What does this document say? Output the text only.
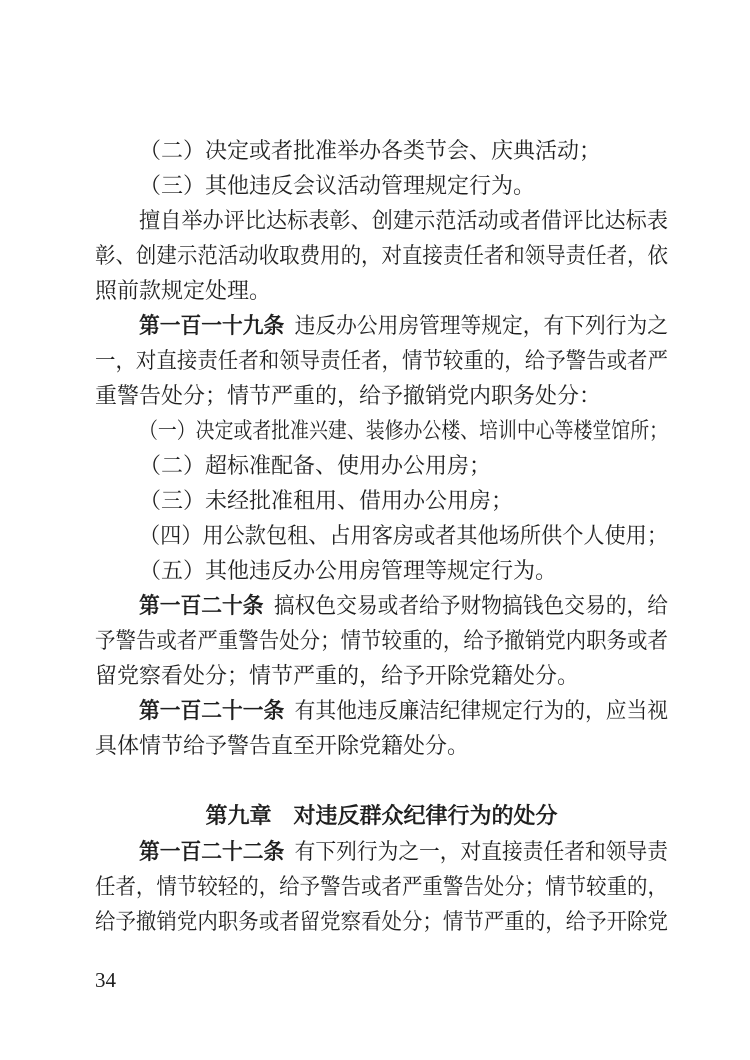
（二）决定或者批准举办各类节会、庆典活动；
（三）其他违反会议活动管理规定行为。
擅自举办评比达标表彰、创建示范活动或者借评比达标表
彰、创建示范活动收取费用的，对直接责任者和领导责任者，依
照前款规定处理。
第一百一十九条 违反办公用房管理等规定，有下列行为之
一，对直接责任者和领导责任者，情节较重的，给予警告或者严
重警告处分；情节严重的，给予撤销党内职务处分：
（一）决定或者批准兴建、装修办公楼、培训中心等楼堂馆所；
（二）超标准配备、使用办公用房；
（三）未经批准租用、借用办公用房；
（四）用公款包租、占用客房或者其他场所供个人使用；
（五）其他违反办公用房管理等规定行为。
第一百二十条 搞权色交易或者给予财物搞钱色交易的，给
予警告或者严重警告处分；情节较重的，给予撤销党内职务或者
留党察看处分；情节严重的，给予开除党籍处分。
第一百二十一条 有其他违反廉洁纪律规定行为的，应当视
具体情节给予警告直至开除党籍处分。
第九章　对违反群众纪律行为的处分
第一百二十二条 有下列行为之一，对直接责任者和领导责
任者，情节较轻的，给予警告或者严重警告处分；情节较重的，
给予撤销党内职务或者留党察看处分；情节严重的，给予开除党
34
